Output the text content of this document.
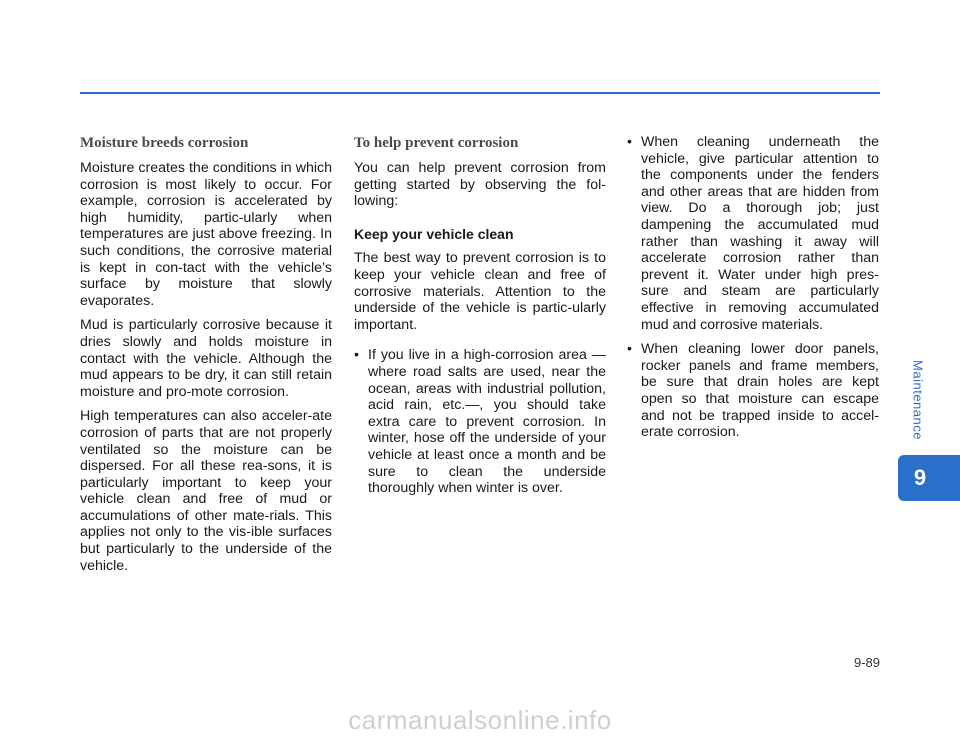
Moisture breeds corrosion

Moisture creates the conditions in which corrosion is most likely to occur. For example, corrosion is accelerated by high humidity, partic-ularly when temperatures are just above freezing. In such conditions, the corrosive material is kept in con-tact with the vehicle’s surface by moisture that slowly evaporates.

Mud is particularly corrosive because it dries slowly and holds moisture in contact with the vehicle. Although the mud appears to be dry, it can still retain moisture and pro-mote corrosion.

High temperatures can also acceler-ate corrosion of parts that are not properly ventilated so the moisture can be dispersed. For all these rea-sons, it is particularly important to keep your vehicle clean and free of mud or accumulations of other mate-rials. This applies not only to the vis-ible surfaces but particularly to the underside of the vehicle.

To help prevent corrosion

You can help prevent corrosion from getting started by observing the fol-lowing:

Keep your vehicle clean

The best way to prevent corrosion is to keep your vehicle clean and free of corrosive materials. Attention to the underside of the vehicle is partic-ularly important.

• If you live in a high-corrosion area — where road salts are used, near the ocean, areas with industrial pollution, acid rain, etc.—, you should take extra care to prevent corrosion. In winter, hose off the underside of your vehicle at least once a month and be sure to clean the underside thoroughly when winter is over.
• When cleaning underneath the vehicle, give particular attention to the components under the fenders and other areas that are hidden from view. Do a thorough job; just dampening the accumulated mud rather than washing it away will accelerate corrosion rather than prevent it. Water under high pres-sure and steam are particularly effective in removing accumulated mud and corrosive materials.
• When cleaning lower door panels, rocker panels and frame members, be sure that drain holes are kept open so that moisture can escape and not be trapped inside to accel-erate corrosion.	Maintenance
9
9-89
carmanualsonline.info
